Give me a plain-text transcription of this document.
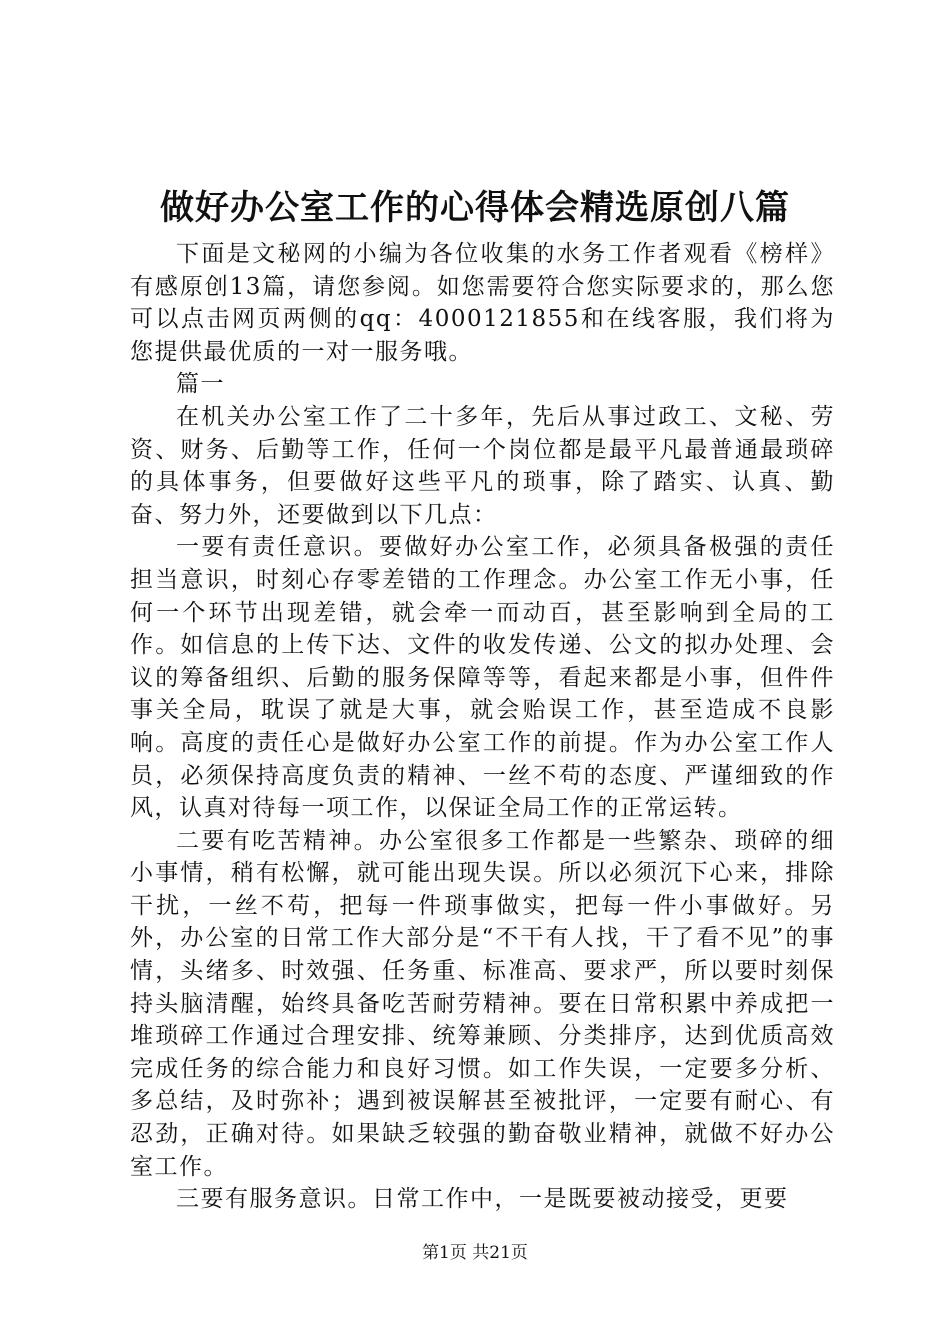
做好办公室工作的心得体会精选原创八篇

下面是文秘网的小编为各位收集的水务工作者观看《榜样》有感原创13篇，请您参阅。如您需要符合您实际要求的，那么您可以点击网页两侧的qq：4000121855和在线客服，我们将为您提供最优质的一对一服务哦。

篇一

在机关办公室工作了二十多年，先后从事过政工、文秘、劳资、财务、后勤等工作，任何一个岗位都是最平凡最普通最琐碎的具体事务，但要做好这些平凡的琐事，除了踏实、认真、勤奋、努力外，还要做到以下几点：

一要有责任意识。要做好办公室工作，必须具备极强的责任担当意识，时刻心存零差错的工作理念。办公室工作无小事，任何一个环节出现差错，就会牵一而动百，甚至影响到全局的工作。如信息的上传下达、文件的收发传递、公文的拟办处理、会议的筹备组织、后勤的服务保障等等，看起来都是小事，但件件事关全局，耽误了就是大事，就会贻误工作，甚至造成不良影响。高度的责任心是做好办公室工作的前提。作为办公室工作人员，必须保持高度负责的精神、一丝不苟的态度、严谨细致的作风，认真对待每一项工作，以保证全局工作的正常运转。

二要有吃苦精神。办公室很多工作都是一些繁杂、琐碎的细小事情，稍有松懈，就可能出现失误。所以必须沉下心来，排除干扰，一丝不苟，把每一件琐事做实，把每一件小事做好。另外，办公室的日常工作大部分是“不干有人找，干了看不见”的事情，头绪多、时效强、任务重、标准高、要求严，所以要时刻保持头脑清醒，始终具备吃苦耐劳精神。要在日常积累中养成把一堆琐碎工作通过合理安排、统筹兼顾、分类排序，达到优质高效完成任务的综合能力和良好习惯。如工作失误，一定要多分析、多总结，及时弥补；遇到被误解甚至被批评，一定要有耐心、有忍劲，正确对待。如果缺乏较强的勤奋敬业精神，就做不好办公室工作。

三要有服务意识。日常工作中，一是既要被动接受，更要

第1页 共21页
